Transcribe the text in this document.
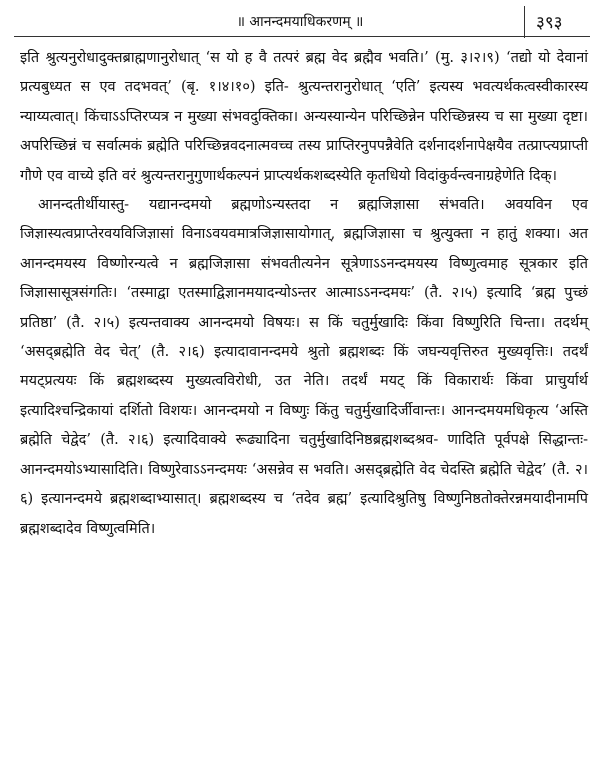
॥ आनन्दमयाधिकरणम् ॥	३९३

इति श्रुत्यनुरोधादुक्तब्राह्मणानुरोधात् ‘स यो ह वै तत्परं ब्रह्म वेद ब्रह्मैव भवति।’ (मु. ३।२।९) ‘तद्यो यो देवानां प्रत्यबुध्यत स एव तदभवत्’ (बृ. १।४।१०) इति- श्रुत्यन्तरानुरोधात् ‘एति’ इत्यस्य भवत्यर्थकत्वस्वीकारस्य न्याय्यत्वात्। किंचाऽऽप्तिरप्यत्र न मुख्या संभवदुक्तिका। अन्यस्यान्येन परिच्छिन्नेन परिच्छिन्नस्य च सा मुख्या दृष्टा। अपरिच्छिन्नं च सर्वात्मकं ब्रह्मेति परिच्छिन्नवदनात्मवच्च तस्य प्राप्तिरनुपपन्नैवेति दर्शनादर्शनापेक्षयैव तत्प्राप्त्यप्राप्ती गौणे एव वाच्ये इति वरं श्रुत्यन्तरानुगुणार्थकल्पनं प्राप्त्यर्थकशब्दस्येति कृतधियो विदांकुर्वन्त्वनाग्रहेणेति दिक्।

आनन्दतीर्थीयास्तु- यद्यानन्दमयो ब्रह्मणोऽन्यस्तदा न ब्रह्मजिज्ञासा संभवति। अवयविन एव जिज्ञास्यत्वप्राप्तेरवयविजिज्ञासां विनाऽवयवमात्रजिज्ञासायोगात्, ब्रह्मजिज्ञासा च श्रुत्युक्ता न हातुं शक्या। अत आनन्दमयस्य विष्णोरन्यत्वे न ब्रह्मजिज्ञासा संभवतीत्यनेन सूत्रेणाऽऽनन्दमयस्य विष्णुत्वमाह सूत्रकार इति जिज्ञासासूत्रसंगतिः। ‘तस्माद्वा एतस्माद्विज्ञानमयादन्योऽन्तर आत्माऽऽनन्दमयः’ (तै. २।५) इत्यादि ‘ब्रह्म पुच्छं प्रतिष्ठा’ (तै. २।५) इत्यन्तवाक्य आनन्दमयो विषयः। स किं चतुर्मुखादिः किंवा विष्णुरिति चिन्ता। तदर्थम् ‘असद्ब्रह्मेति वेद चेत्’ (तै. २।६) इत्यादावानन्दमये श्रुतो ब्रह्मशब्दः किं जघन्यवृत्तिरुत मुख्यवृत्तिः। तदर्थं मयट्प्रत्ययः किं ब्रह्मशब्दस्य मुख्यत्वविरोधी, उत नेति। तदर्थं मयट् किं विकारार्थः किंवा प्राचुर्यार्थ इत्यादिश्चन्द्रिकायां दर्शितो विशयः। आनन्दमयो न विष्णुः किंतु चतुर्मुखादिर्जीवान्तः। आनन्दमयमधिकृत्य ‘अस्ति ब्रह्मेति चेद्वेद’ (तै. २।६) इत्यादिवाक्ये रूढ्यादिना चतुर्मुखादिनिष्ठब्रह्मशब्दश्रव- णादिति पूर्वपक्षे सिद्धान्तः- आनन्दमयोऽभ्यासादिति। विष्णुरेवाऽऽनन्दमयः ‘असन्नेव स भवति। असद्ब्रह्मेति वेद चेदस्ति ब्रह्मेति चेद्वेद’ (तै. २।६) इत्यानन्दमये ब्रह्मशब्दाभ्यासात्। ब्रह्मशब्दस्य च ‘तदेव ब्रह्म’ इत्यादिश्रुतिषु विष्णुनिष्ठतोक्तेरन्नमयादीनामपि ब्रह्मशब्दादेव विष्णुत्वमिति।
